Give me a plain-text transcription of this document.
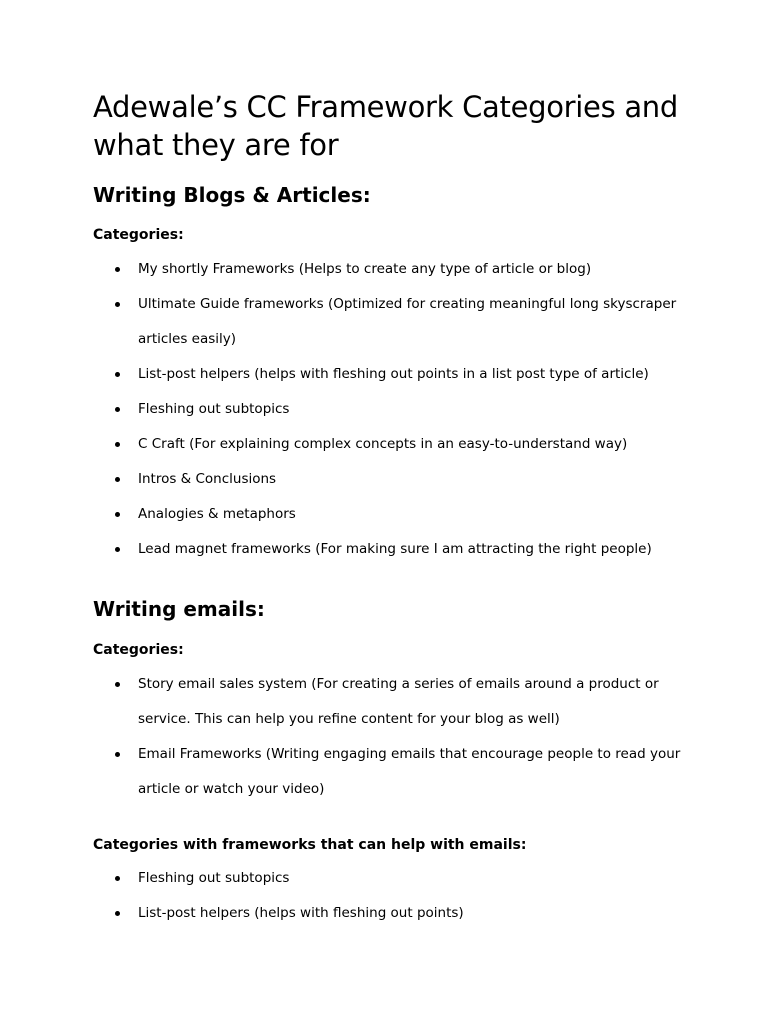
Adewale’s CC Framework Categories and what they are for
Writing Blogs & Articles:
Categories:
My shortly Frameworks (Helps to create any type of article or blog)
Ultimate Guide frameworks (Optimized for creating meaningful long skyscraper articles easily)
List-post helpers (helps with fleshing out points in a list post type of article)
Fleshing out subtopics
C Craft (For explaining complex concepts in an easy-to-understand way)
Intros & Conclusions
Analogies & metaphors
Lead magnet frameworks (For making sure I am attracting the right people)
Writing emails:
Categories:
Story email sales system (For creating a series of emails around a product or service. This can help you refine content for your blog as well)
Email Frameworks (Writing engaging emails that encourage people to read your article or watch your video)
Categories with frameworks that can help with emails:
Fleshing out subtopics
List-post helpers (helps with fleshing out points)
